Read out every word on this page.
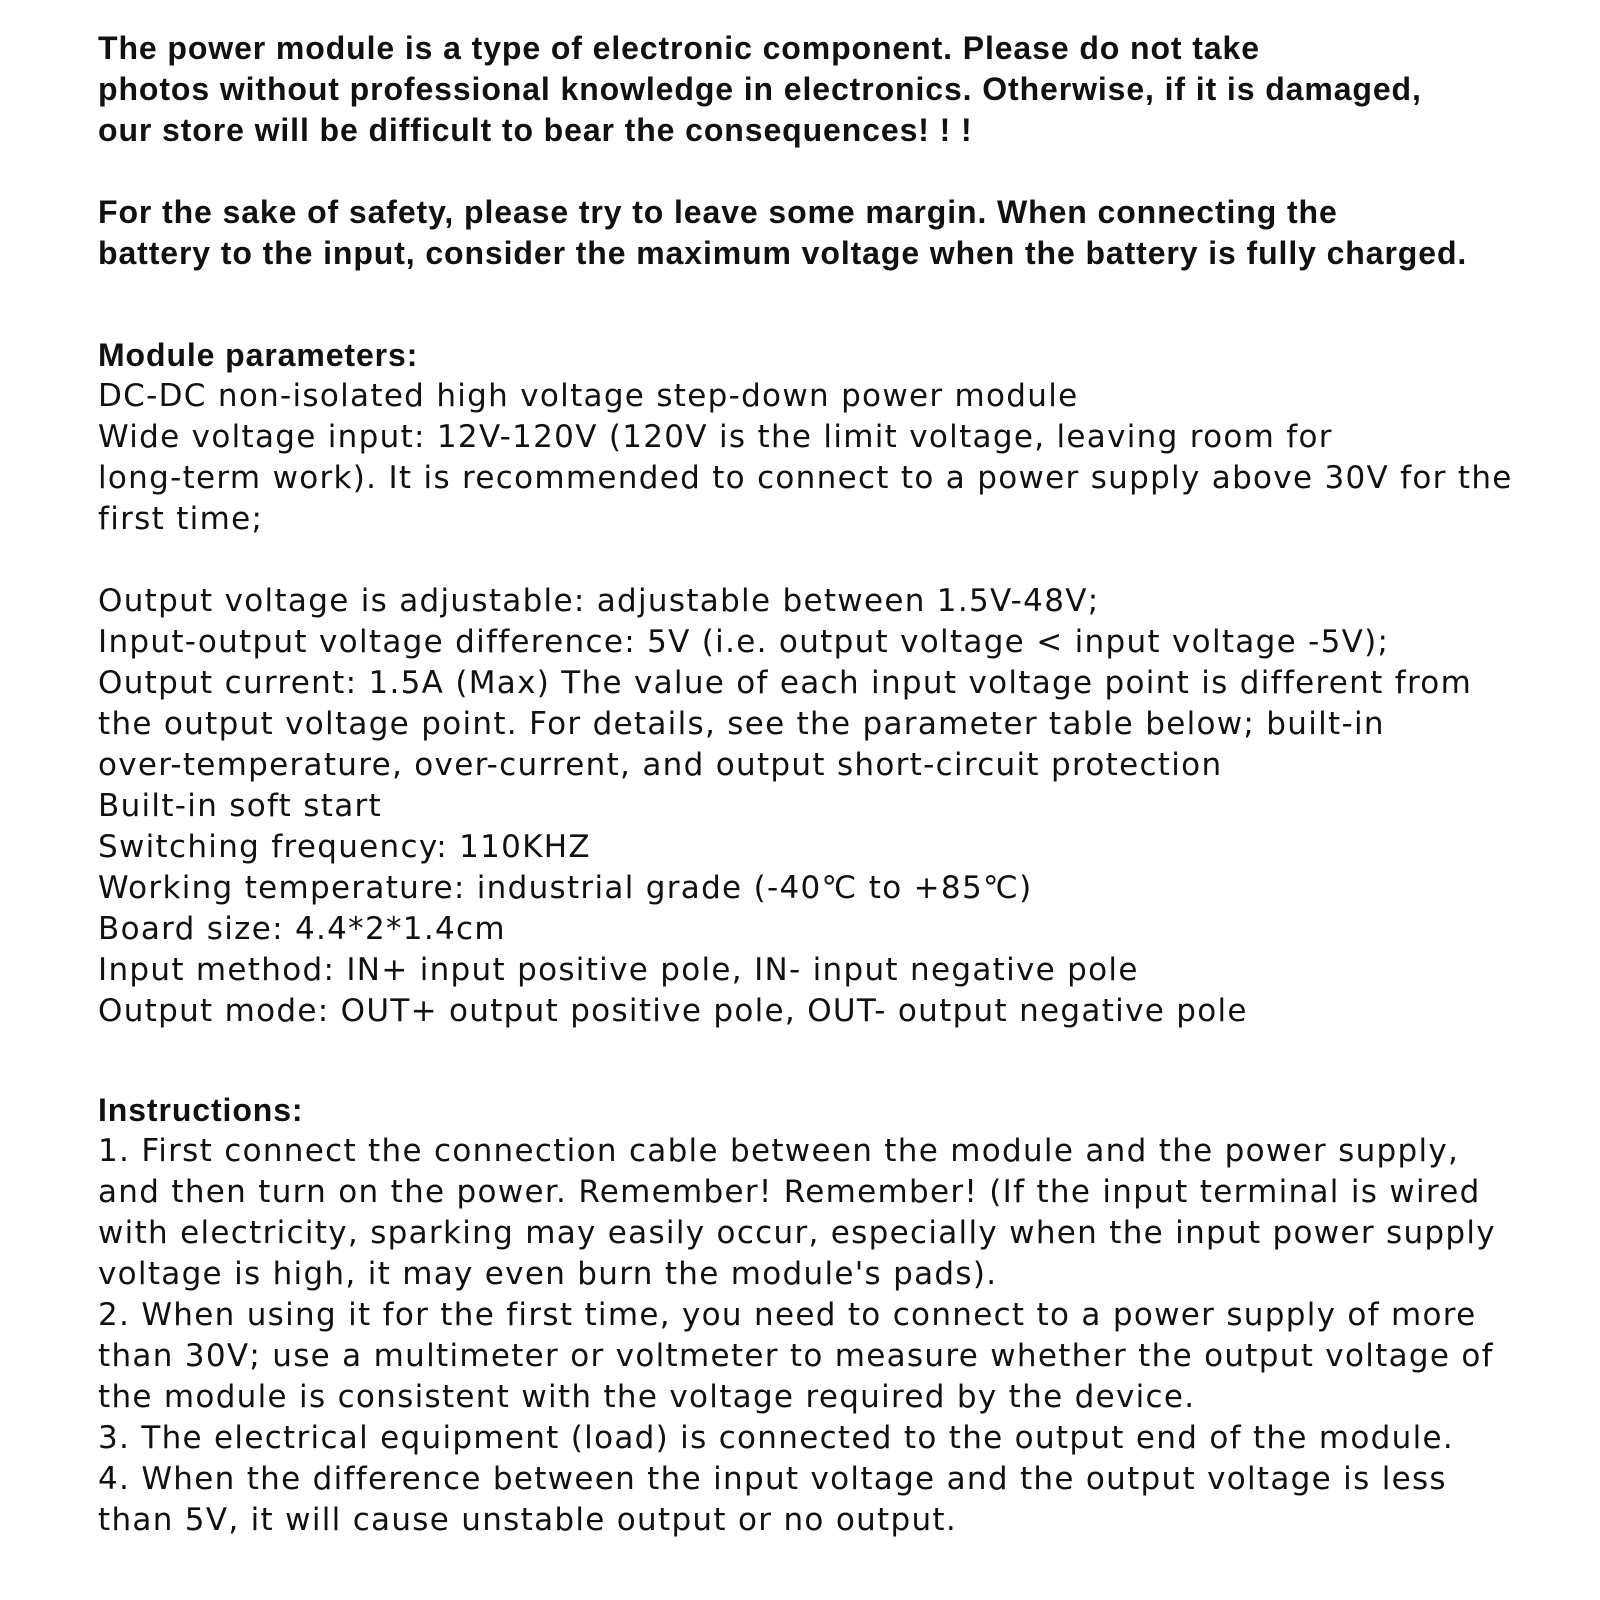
The power module is a type of electronic component. Please do not take
photos without professional knowledge in electronics. Otherwise, if it is damaged,
our store will be difficult to bear the consequences! ! !
For the sake of safety, please try to leave some margin. When connecting the
battery to the input, consider the maximum voltage when the battery is fully charged.
Module parameters:
DC-DC non-isolated high voltage step-down power module
Wide voltage input: 12V-120V (120V is the limit voltage, leaving room for
long-term work). It is recommended to connect to a power supply above 30V for the
first time;
Output voltage is adjustable: adjustable between 1.5V-48V;
Input-output voltage difference: 5V (i.e. output voltage < input voltage -5V);
Output current: 1.5A (Max) The value of each input voltage point is different from
the output voltage point. For details, see the parameter table below; built-in
over-temperature, over-current, and output short-circuit protection
Built-in soft start
Switching frequency: 110KHZ
Working temperature: industrial grade (-40℃ to +85℃)
Board size: 4.4*2*1.4cm
Input method: IN+ input positive pole, IN- input negative pole
Output mode: OUT+ output positive pole, OUT- output negative pole
Instructions:
1. First connect the connection cable between the module and the power supply,
and then turn on the power. Remember! Remember! (If the input terminal is wired
with electricity, sparking may easily occur, especially when the input power supply
voltage is high, it may even burn the module's pads).
2. When using it for the first time, you need to connect to a power supply of more
than 30V; use a multimeter or voltmeter to measure whether the output voltage of
the module is consistent with the voltage required by the device.
3. The electrical equipment (load) is connected to the output end of the module.
4. When the difference between the input voltage and the output voltage is less
than 5V, it will cause unstable output or no output.
